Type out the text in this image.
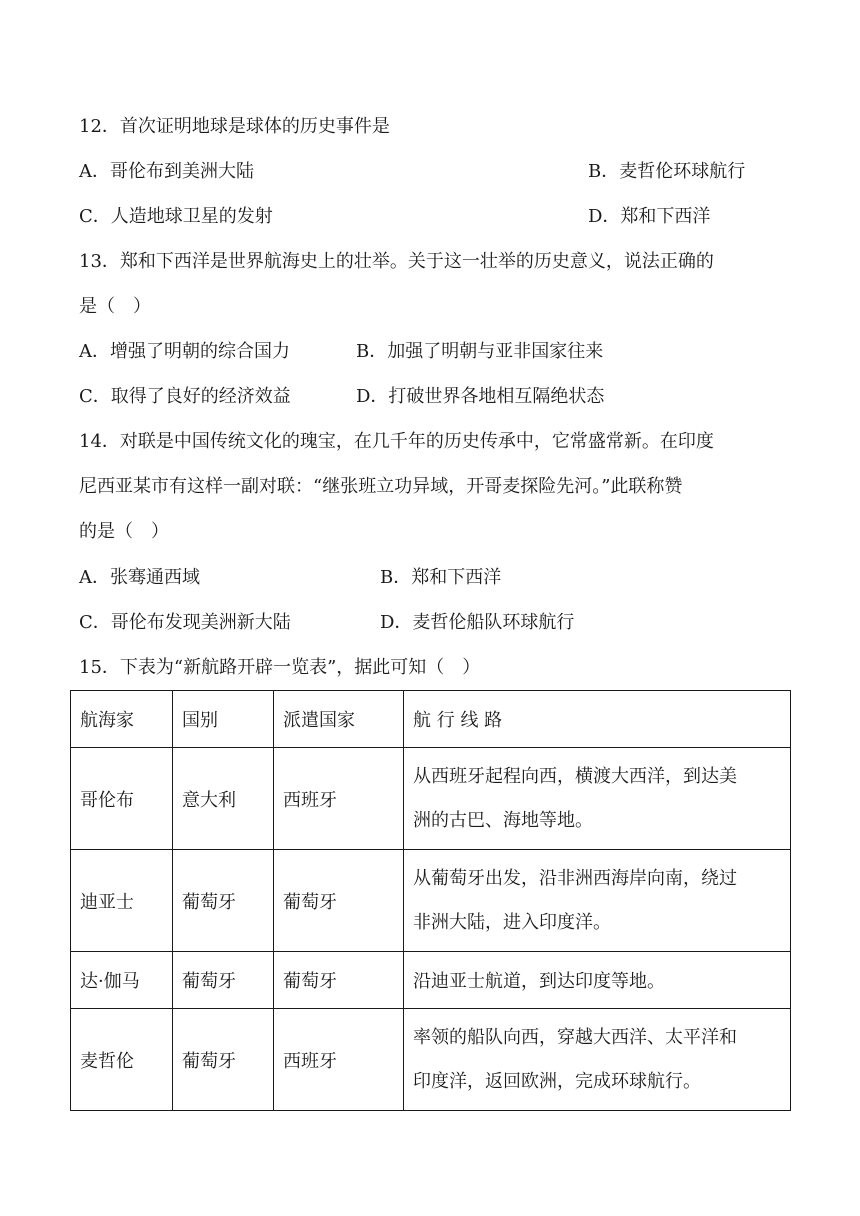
12．首次证明地球是球体的历史事件是
A．哥伦布到美洲大陆	B．麦哲伦环球航行
C．人造地球卫星的发射	D．郑和下西洋
13．郑和下西洋是世界航海史上的壮举。关于这一壮举的历史意义，说法正确的
是（　）
A．增强了明朝的综合国力	B．加强了明朝与亚非国家往来
C．取得了良好的经济效益	D．打破世界各地相互隔绝状态
14．对联是中国传统文化的瑰宝，在几千年的历史传承中，它常盛常新。在印度
尼西亚某市有这样一副对联：“继张班立功异域，开哥麦探险先河。”此联称赞
的是（　）
A．张骞通西域	B．郑和下西洋
C．哥伦布发现美洲新大陆	D．麦哲伦船队环球航行
15．下表为“新航路开辟一览表”，据此可知（　）
航海家	国别	派遣国家	航 行 线 路
哥伦布	意大利	西班牙	从西班牙起程向西，横渡大西洋，到达美
洲的古巴、海地等地。

迪亚士	葡萄牙	葡萄牙	从葡萄牙出发，沿非洲西海岸向南，绕过
非洲大陆，进入印度洋。

达·伽马	葡萄牙	葡萄牙	沿迪亚士航道，到达印度等地。
麦哲伦	葡萄牙	西班牙	率领的船队向西，穿越大西洋、太平洋和
印度洋，返回欧洲，完成环球航行。
